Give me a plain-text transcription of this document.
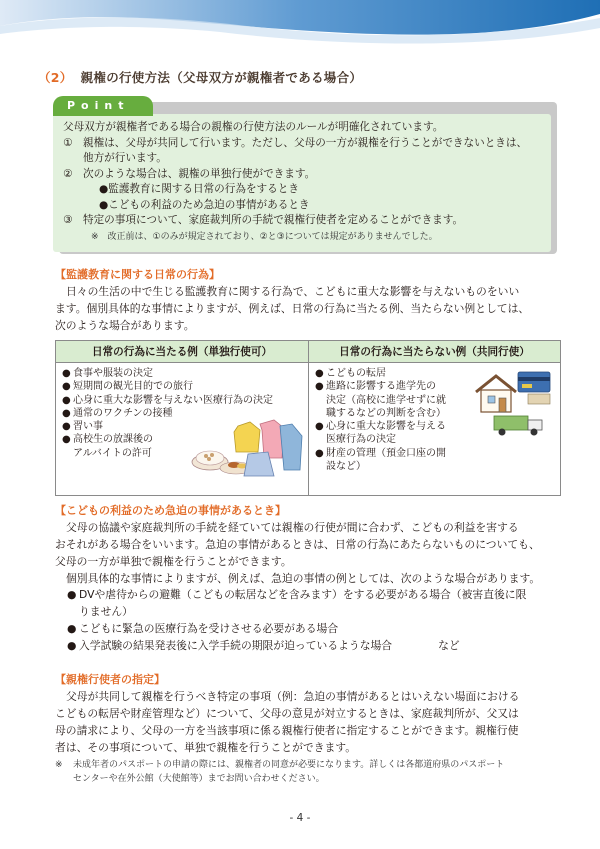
（2） 親権の行使方法（父母双方が親権者である場合）
Point
父母双方が親権者である場合の親権の行使方法のルールが明確化されています。
① 親権は、父母が共同して行います。ただし、父母の一方が親権を行うことができないときは、
他方が行います。
② 次のような場合は、親権の単独行使ができます。
●監護教育に関する日常の行為をするとき
●こどもの利益のため急迫の事情があるとき
③ 特定の事項について、家庭裁判所の手続で親権行使者を定めることができます。
※　改正前は、①のみが規定されており、②と③については規定がありませんでした。
【監護教育に関する日常の行為】
日々の生活の中で生じる監護教育に関する行為で、こどもに重大な影響を与えないものをいい
ます。個別具体的な事情によりますが、例えば、日常の行為に当たる例、当たらない例としては、
次のような場合があります。
日常の行為に当たる例（単独行使可）
● 食事や服装の決定
● 短期間の観光目的での旅行
● 心身に重大な影響を与えない医療行為の決定
● 通常のワクチンの接種
● 習い事
● 高校生の放課後の
アルバイトの許可
日常の行為に当たらない例（共同行使）
● こどもの転居
● 進路に影響する進学先の
決定（高校に進学せずに就
職するなどの判断を含む）
● 心身に重大な影響を与える
医療行為の決定
● 財産の管理（預金口座の開
設など）
【こどもの利益のため急迫の事情があるとき】
父母の協議や家庭裁判所の手続を経ていては親権の行使が間に合わず、こどもの利益を害する
おそれがある場合をいいます。急迫の事情があるときは、日常の行為にあたらないものについても、
父母の一方が単独で親権を行うことができます。
個別具体的な事情によりますが、例えば、急迫の事情の例としては、次のような場合があります。
● DVや虐待からの避難（こどもの転居などを含みます）をする必要がある場合（被害直後に限
りません）
● こどもに緊急の医療行為を受けさせる必要がある場合
● 入学試験の結果発表後に入学手続の期限が迫っているような場合	など
【親権行使者の指定】
父母が共同して親権を行うべき特定の事項（例：急迫の事情があるとはいえない場面における
こどもの転居や財産管理など）について、父母の意見が対立するときは、家庭裁判所が、父又は
母の請求により、父母の一方を当該事項に係る親権行使者に指定することができます。親権行使
者は、その事項について、単独で親権を行うことができます。
※	未成年者のパスポートの申請の際には、親権者の同意が必要になります。詳しくは各都道府県のパスポート
センターや在外公館（大使館等）までお問い合わせください。
- 4 -
